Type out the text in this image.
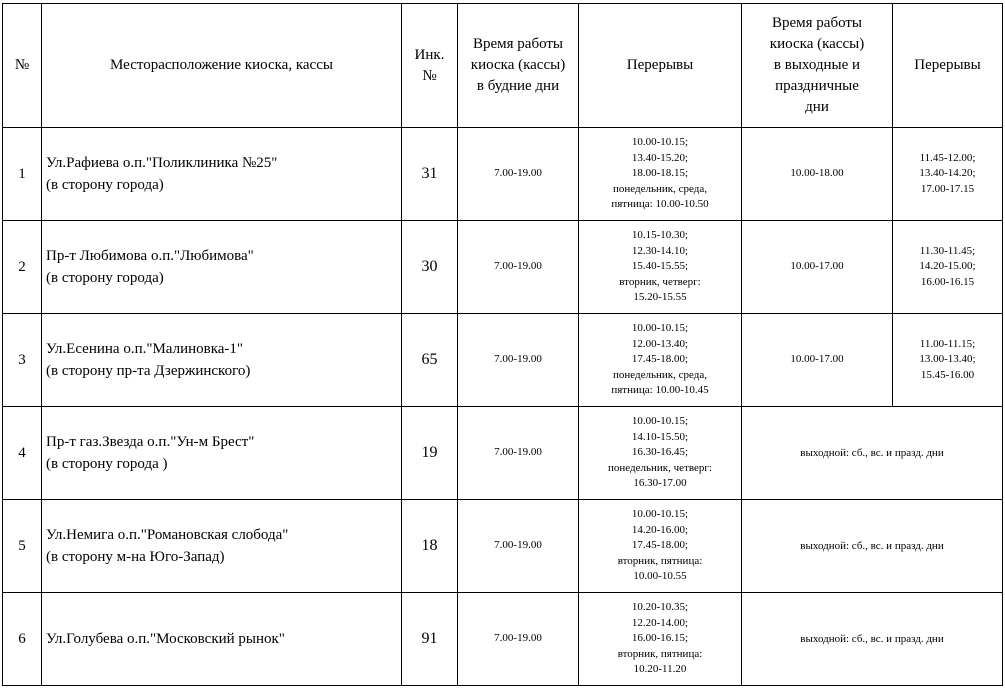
№	Месторасположение киоска, кассы	Инк.
№	Время работы
киоска (кассы)
в будние дни	Перерывы	Время работы
киоска (кассы)
в выходные и
праздничные
дни	Перерывы
1	Ул.Рафиева о.п."Поликлиника №25"
(в сторону города)	31	7.00-19.00	10.00-10.15;
13.40-15.20;
18.00-18.15;
понедельник, среда,
пятница: 10.00-10.50	10.00-18.00	11.45-12.00;
13.40-14.20;
17.00-17.15

2	Пр-т Любимова о.п."Любимова"
(в сторону города)	30	7.00-19.00	10.15-10.30;
12.30-14.10;
15.40-15.55;
вторник, четверг:
15.20-15.55	10.00-17.00	11.30-11.45;
14.20-15.00;
16.00-16.15

3	Ул.Есенина о.п."Малиновка-1"
(в сторону пр-та Дзержинского)	65	7.00-19.00	10.00-10.15;
12.00-13.40;
17.45-18.00;
понедельник, среда,
пятница: 10.00-10.45	10.00-17.00	11.00-11.15;
13.00-13.40;
15.45-16.00

4	Пр-т газ.Звезда о.п."Ун-м Брест"
(в сторону города )	19	7.00-19.00	10.00-10.15;
14.10-15.50;
16.30-16.45;
понедельник, четверг:
16.30-17.00	выходной: сб., вс. и празд. дни	
5	Ул.Немига о.п."Романовская слобода"
(в сторону м-на Юго-Запад)	18	7.00-19.00	10.00-10.15;
14.20-16.00;
17.45-18.00;
вторник, пятница:
10.00-10.55	выходной: сб., вс. и празд. дни	
6	Ул.Голубева о.п."Московский рынок"	91	7.00-19.00	10.20-10.35;
12.20-14.00;
16.00-16.15;
вторник, пятница:
10.20-11.20	выходной: сб., вс. и празд. дни	
